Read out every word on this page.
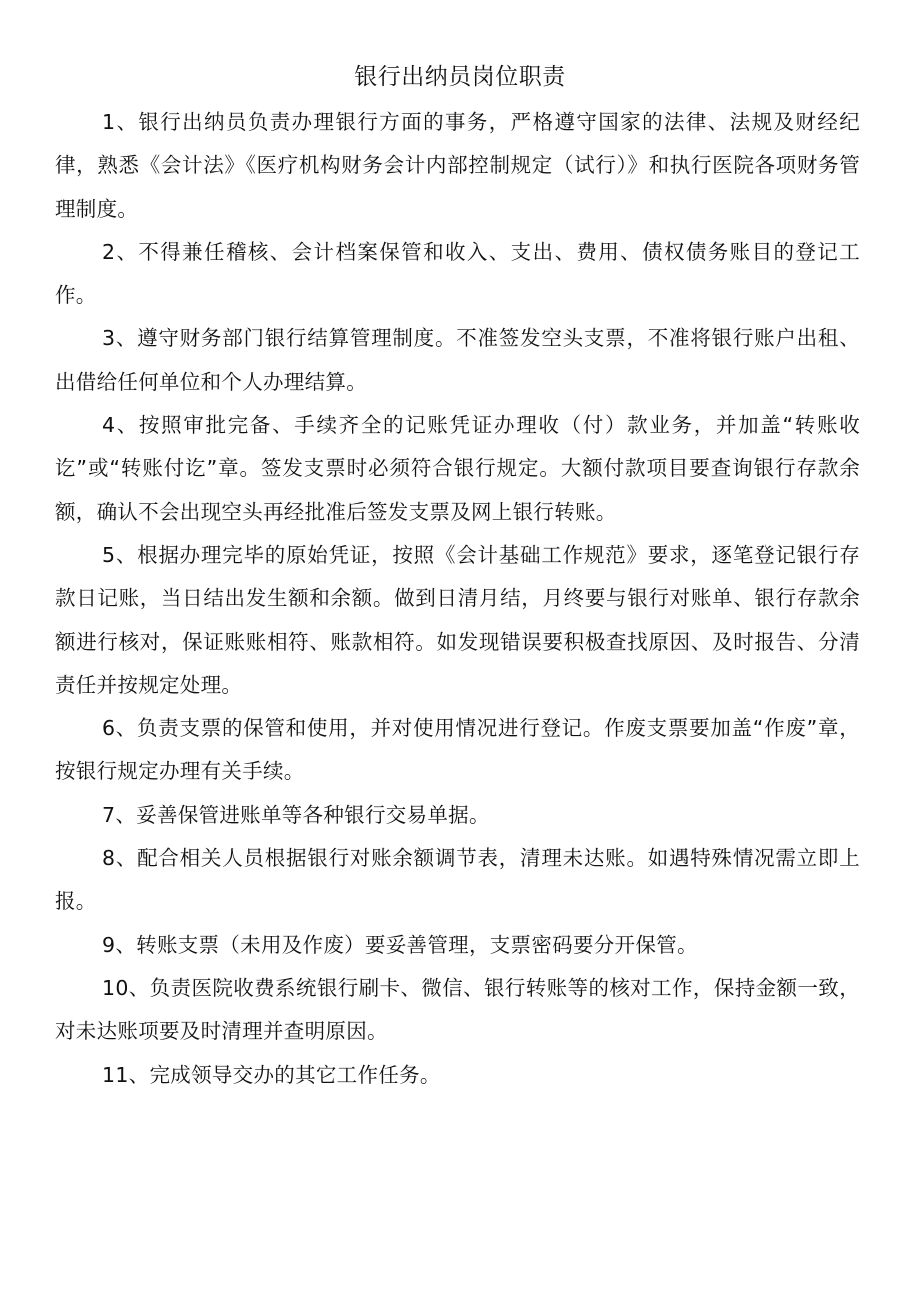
银行出纳员岗位职责

1、银行出纳员负责办理银行方面的事务，严格遵守国家的法律、法规及财经纪律，熟悉《会计法》《医疗机构财务会计内部控制规定（试行）》和执行医院各项财务管理制度。

2、不得兼任稽核、会计档案保管和收入、支出、费用、债权债务账目的登记工作。

3、遵守财务部门银行结算管理制度。不准签发空头支票，不准将银行账户出租、出借给任何单位和个人办理结算。

4、按照审批完备、手续齐全的记账凭证办理收（付）款业务，并加盖“转账收讫”或“转账付讫”章。签发支票时必须符合银行规定。大额付款项目要查询银行存款余额，确认不会出现空头再经批准后签发支票及网上银行转账。

5、根据办理完毕的原始凭证，按照《会计基础工作规范》要求，逐笔登记银行存款日记账，当日结出发生额和余额。做到日清月结，月终要与银行对账单、银行存款余额进行核对，保证账账相符、账款相符。如发现错误要积极查找原因、及时报告、分清责任并按规定处理。

6、负责支票的保管和使用，并对使用情况进行登记。作废支票要加盖“作废”章，按银行规定办理有关手续。

7、妥善保管进账单等各种银行交易单据。

8、配合相关人员根据银行对账余额调节表，清理未达账。如遇特殊情况需立即上报。

9、转账支票（未用及作废）要妥善管理，支票密码要分开保管。

10、负责医院收费系统银行刷卡、微信、银行转账等的核对工作，保持金额一致，对未达账项要及时清理并查明原因。

11、完成领导交办的其它工作任务。
